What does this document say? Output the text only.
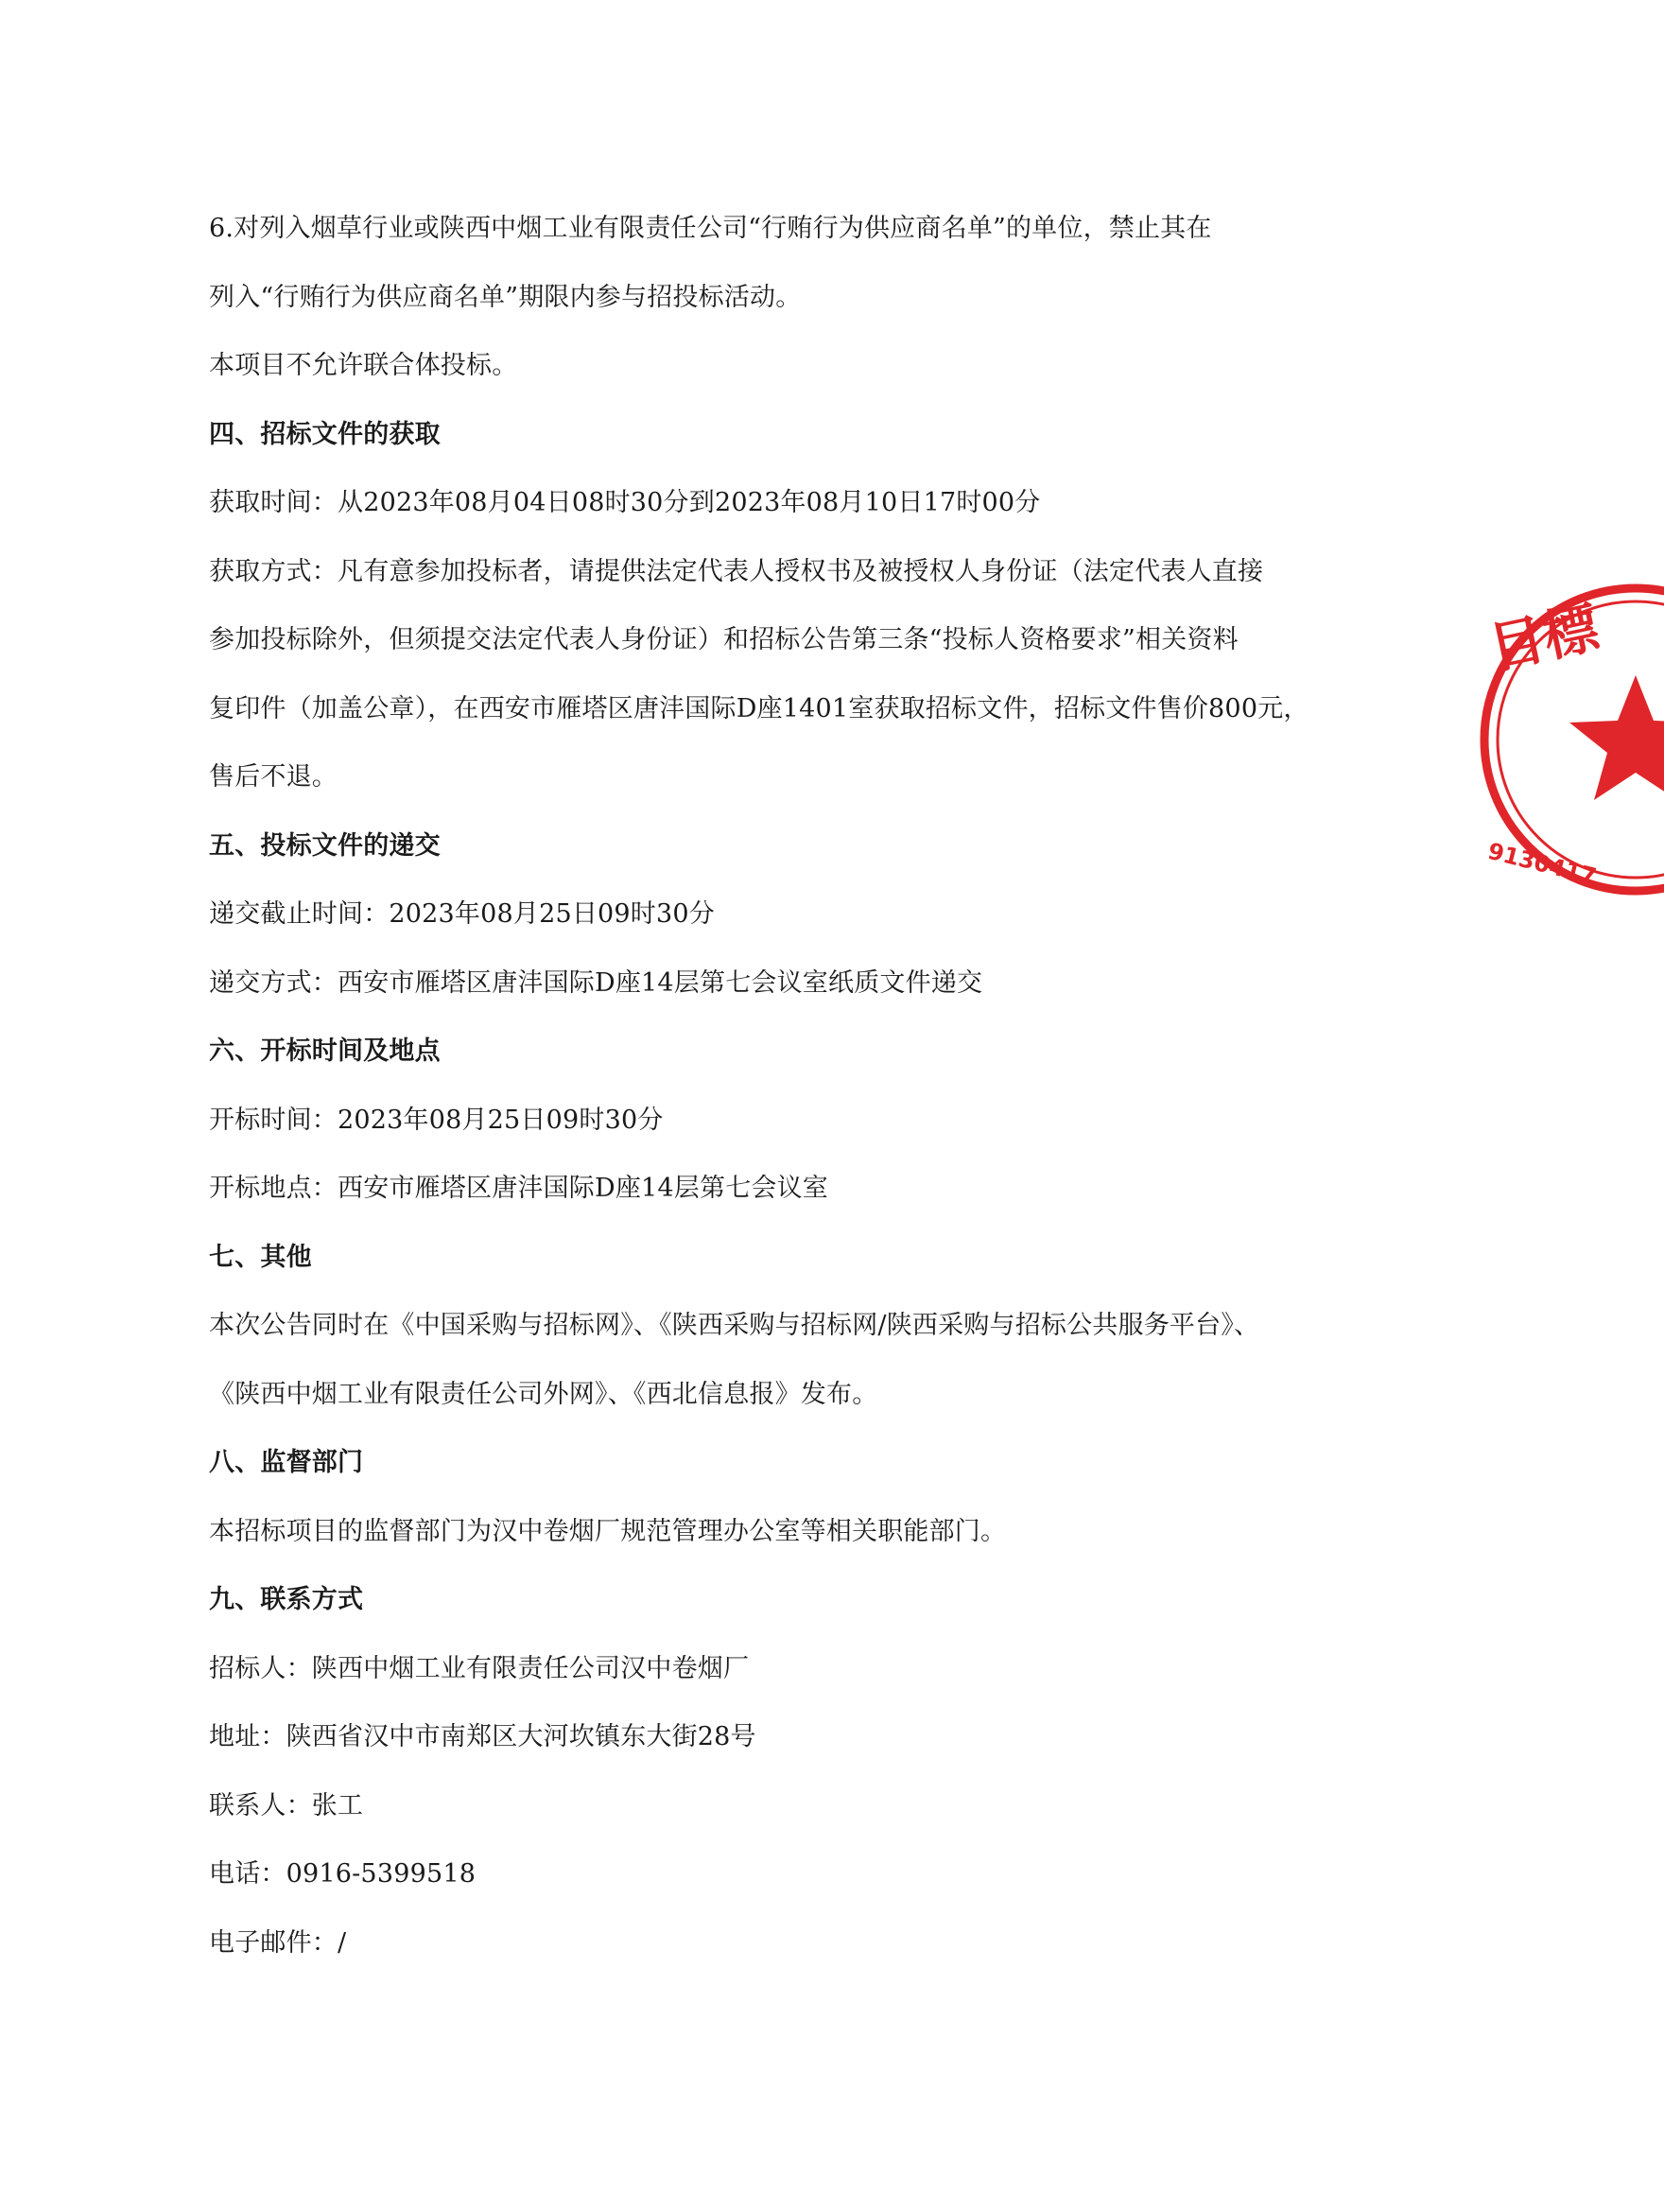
6.对列入烟草行业或陕西中烟工业有限责任公司“行贿行为供应商名单”的单位，禁止其在
列入“行贿行为供应商名单”期限内参与招投标活动。
本项目不允许联合体投标。
四、招标文件的获取
获取时间：从2023年08月04日08时30分到2023年08月10日17时00分
获取方式：凡有意参加投标者，请提供法定代表人授权书及被授权人身份证（法定代表人直接
参加投标除外，但须提交法定代表人身份证）和招标公告第三条“投标人资格要求”相关资料
复印件（加盖公章），在西安市雁塔区唐沣国际D座1401室获取招标文件，招标文件售价800元，
售后不退。
五、投标文件的递交
递交截止时间：2023年08月25日09时30分
递交方式：西安市雁塔区唐沣国际D座14层第七会议室纸质文件递交
六、开标时间及地点
开标时间：2023年08月25日09时30分
开标地点：西安市雁塔区唐沣国际D座14层第七会议室
七、其他
本次公告同时在《中国采购与招标网》、《陕西采购与招标网/陕西采购与招标公共服务平台》、
《陕西中烟工业有限责任公司外网》、《西北信息报》发布。
八、监督部门
本招标项目的监督部门为汉中卷烟厂规范管理办公室等相关职能部门。
九、联系方式
招标人：陕西中烟工业有限责任公司汉中卷烟厂
地址：陕西省汉中市南郑区大河坎镇东大街28号
联系人：张工
电话：0916-5399518
电子邮件：/
目標
9130417
